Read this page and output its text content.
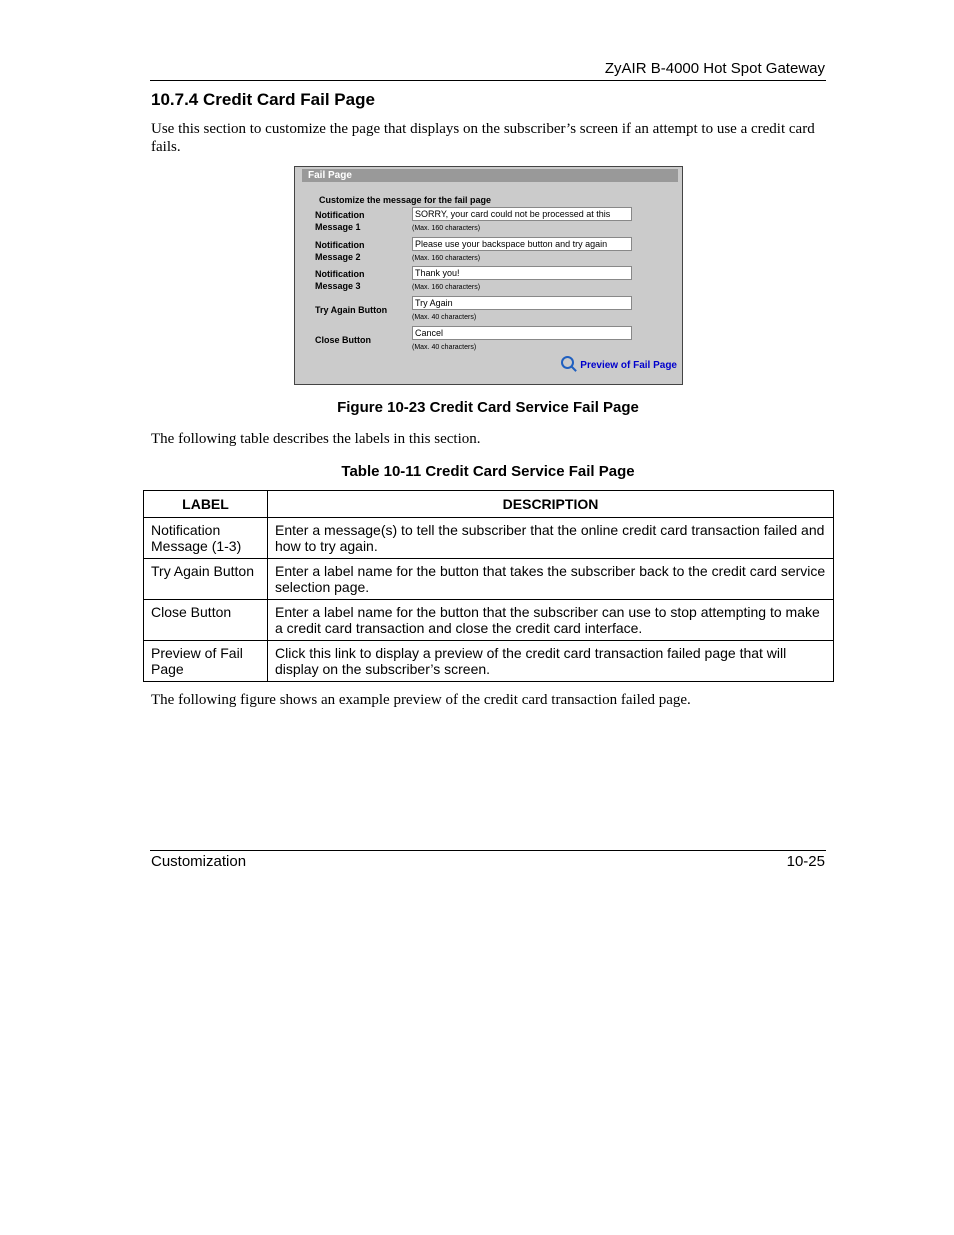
ZyAIR B-4000 Hot Spot Gateway
10.7.4 Credit Card Fail Page
Use this section to customize the page that displays on the subscriber’s screen if an attempt to use a credit card fails.
Fail Page
Customize the message for the fail page
Notification Message 1
SORRY, your card could not be processed at this
(Max. 160 characters)
Notification Message 2
Please use your backspace button and try again
(Max. 160 characters)
Notification Message 3
Thank you!
(Max. 160 characters)
Try Again Button
Try Again
(Max. 40 characters)
Close Button
Cancel
(Max. 40 characters)
Preview of Fail Page
Figure 10-23 Credit Card Service Fail Page
The following table describes the labels in this section.
Table 10-11 Credit Card Service Fail Page
LABEL	DESCRIPTION
Notification Message (1-3)	Enter a message(s) to tell the subscriber that the online credit card transaction failed and how to try again.
Try Again Button	Enter a label name for the button that takes the subscriber back to the credit card service selection page.
Close Button	Enter a label name for the button that the subscriber can use to stop attempting to make a credit card transaction and close the credit card interface.
Preview of Fail Page	Click this link to display a preview of the credit card transaction failed page that will display on the subscriber’s screen.
The following figure shows an example preview of the credit card transaction failed page.
Customization	10-25
